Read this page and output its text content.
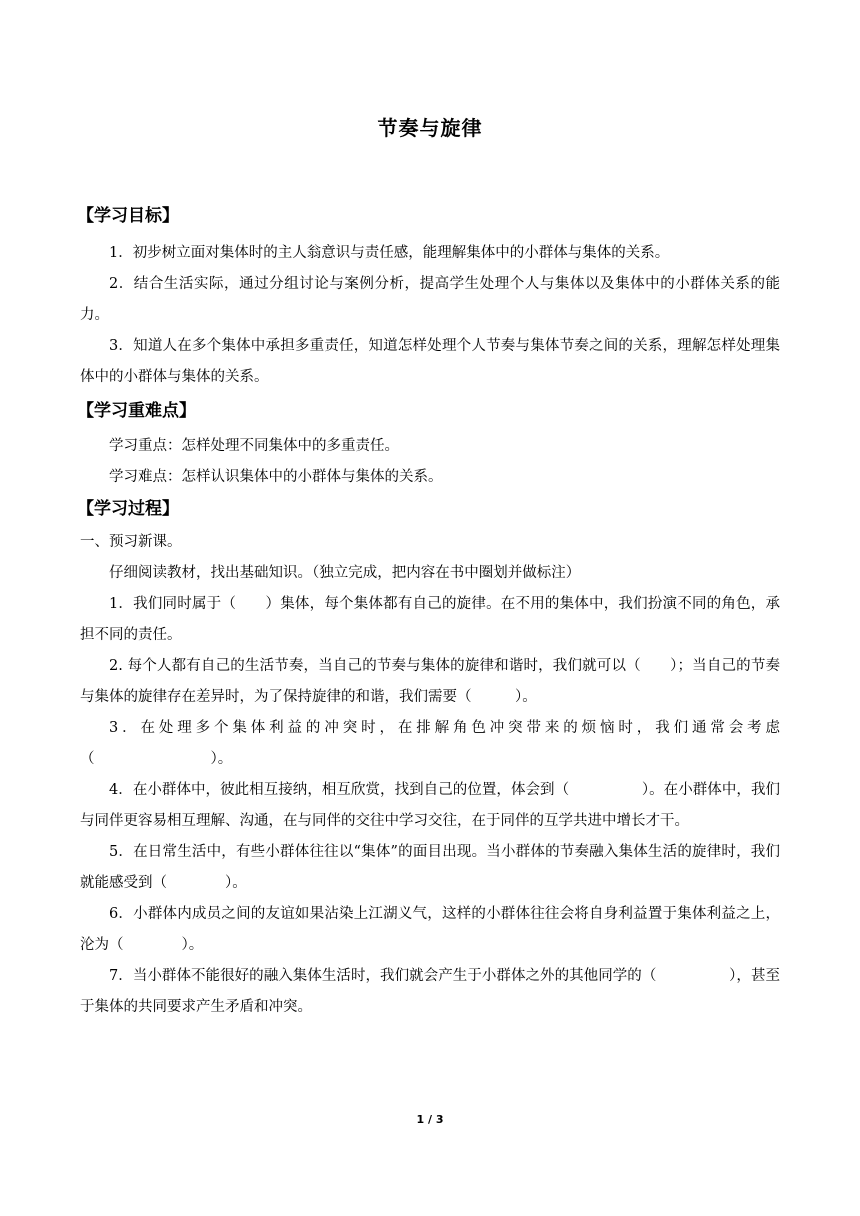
节奏与旋律
【学习目标】

1．初步树立面对集体时的主人翁意识与责任感，能理解集体中的小群体与集体的关系。

2．结合生活实际，通过分组讨论与案例分析，提高学生处理个人与集体以及集体中的小群体关系的能力。

3．知道人在多个集体中承担多重责任，知道怎样处理个人节奏与集体节奏之间的关系，理解怎样处理集体中的小群体与集体的关系。

【学习重难点】

学习重点：怎样处理不同集体中的多重责任。

学习难点：怎样认识集体中的小群体与集体的关系。

【学习过程】

一、预习新课。

仔细阅读教材，找出基础知识。（独立完成，把内容在书中圈划并做标注）

1．我们同时属于（　　）集体，每个集体都有自己的旋律。在不用的集体中，我们扮演不同的角色，承担不同的责任。

2. 每个人都有自己的生活节奏，当自己的节奏与集体的旋律和谐时，我们就可以（　　）；当自己的节奏与集体的旋律存在差异时，为了保持旋律的和谐，我们需要（　　　）。

3．在处理多个集体利益的冲突时，在排解角色冲突带来的烦恼时，我们通常会考虑（　　　　　　　　）。

4．在小群体中，彼此相互接纳，相互欣赏，找到自己的位置，体会到（　　　　　）。在小群体中，我们与同伴更容易相互理解、沟通，在与同伴的交往中学习交往，在于同伴的互学共进中增长才干。

5．在日常生活中，有些小群体往往以“集体”的面目出现。当小群体的节奏融入集体生活的旋律时，我们就能感受到（　　　　）。

6．小群体内成员之间的友谊如果沾染上江湖义气，这样的小群体往往会将自身利益置于集体利益之上，沦为（　　　　）。

7．当小群体不能很好的融入集体生活时，我们就会产生于小群体之外的其他同学的（　　　　　），甚至于集体的共同要求产生矛盾和冲突。

1 / 3
